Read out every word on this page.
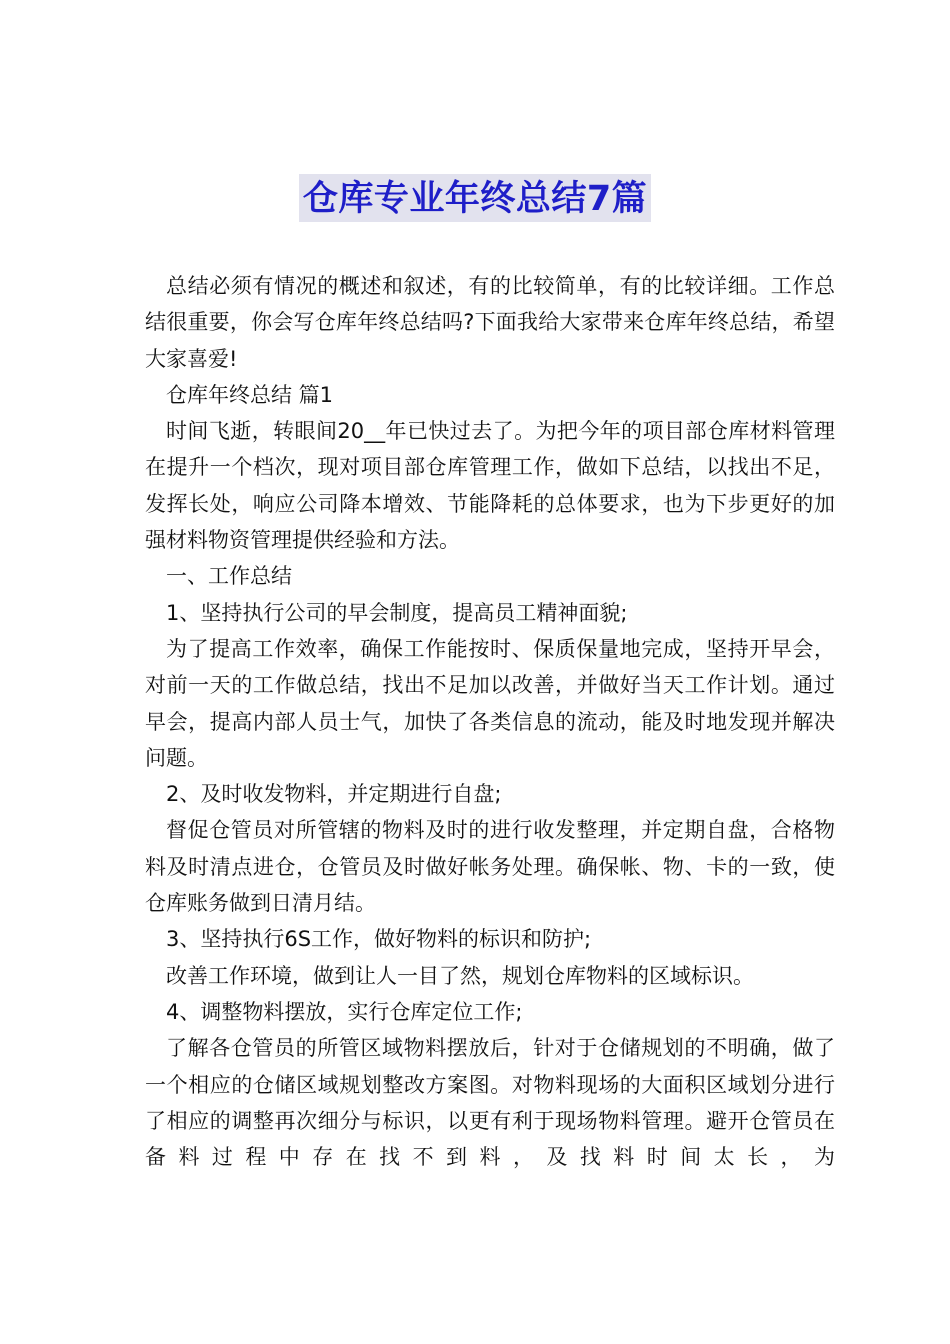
仓库专业年终总结7篇

总结必须有情况的概述和叙述，有的比较简单，有的比较详细。工作总结很重要，你会写仓库年终总结吗?下面我给大家带来仓库年终总结，希望大家喜爱!

仓库年终总结 篇1

时间飞逝，转眼间20__年已快过去了。为把今年的项目部仓库材料管理在提升一个档次，现对项目部仓库管理工作，做如下总结，以找出不足，发挥长处，响应公司降本增效、节能降耗的总体要求，也为下步更好的加强材料物资管理提供经验和方法。

一、工作总结

1、坚持执行公司的早会制度，提高员工精神面貌;

为了提高工作效率，确保工作能按时、保质保量地完成，坚持开早会，对前一天的工作做总结，找出不足加以改善，并做好当天工作计划。通过早会，提高内部人员士气，加快了各类信息的流动，能及时地发现并解决问题。

2、及时收发物料，并定期进行自盘;

督促仓管员对所管辖的物料及时的进行收发整理，并定期自盘，合格物料及时清点进仓，仓管员及时做好帐务处理。确保帐、物、卡的一致，使仓库账务做到日清月结。

3、坚持执行6S工作，做好物料的标识和防护;

改善工作环境，做到让人一目了然，规划仓库物料的区域标识。

4、调整物料摆放，实行仓库定位工作;

了解各仓管员的所管区域物料摆放后，针对于仓储规划的不明确，做了一个相应的仓储区域规划整改方案图。对物料现场的大面积区域划分进行了相应的调整再次细分与标识，以更有利于现场物料管理。避开仓管员在备料过程中存在找不到料，及找料时间太长，为
